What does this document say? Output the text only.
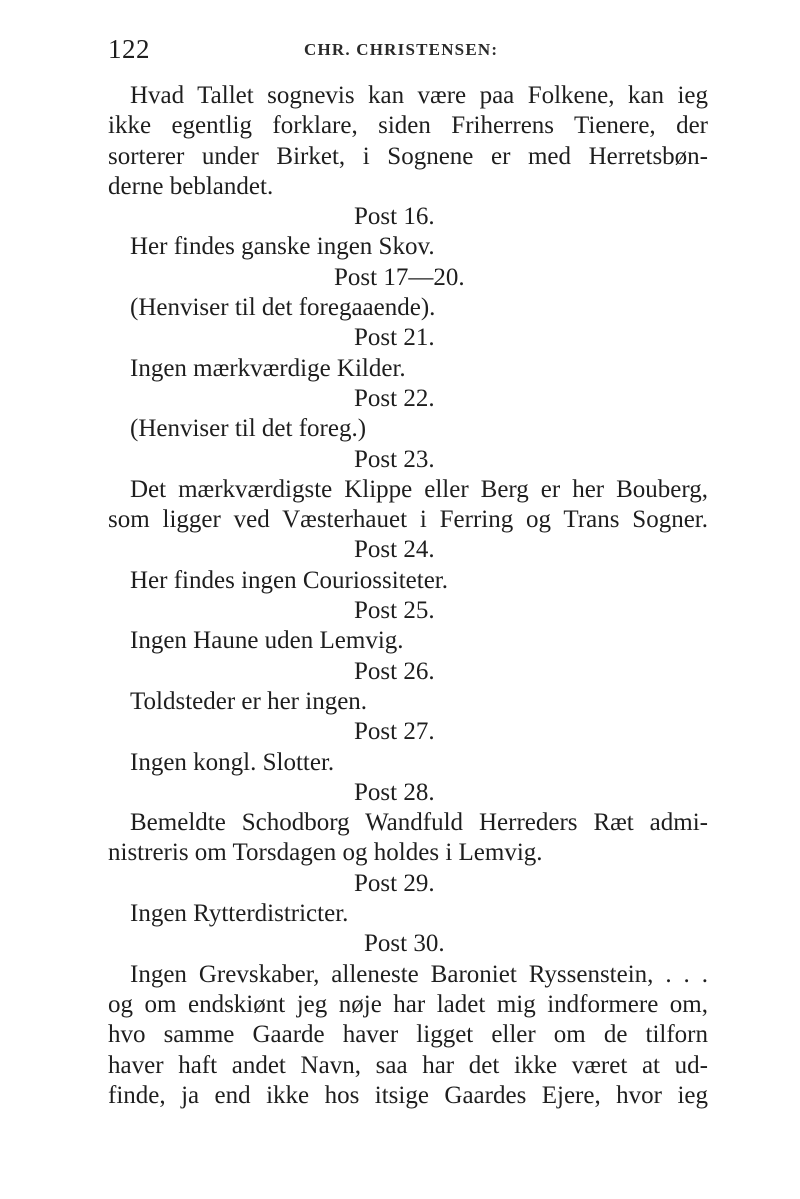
122	CHR. CHRISTENSEN:
Hvad Tallet sognevis kan være paa Folkene, kan ieg
ikke egentlig forklare, siden Friherrens Tienere, der
sorterer under Birket, i Sognene er med Herretsbøn-
derne beblandet.
Post 16.
Her findes ganske ingen Skov.
Post 17—20.
(Henviser til det foregaaende).
Post 21.
Ingen mærkværdige Kilder.
Post 22.
(Henviser til det foreg.)
Post 23.
Det mærkværdigste Klippe eller Berg er her Bouberg,
som ligger ved Væsterhauet i Ferring og Trans Sogner.
Post 24.
Her findes ingen Couriossiteter.
Post 25.
Ingen Haune uden Lemvig.
Post 26.
Toldsteder er her ingen.
Post 27.
Ingen kongl. Slotter.
Post 28.
Bemeldte Schodborg Wandfuld Herreders Ræt admi-
nistreris om Torsdagen og holdes i Lemvig.
Post 29.
Ingen Rytterdistricter.
Post 30.
Ingen Grevskaber, alleneste Baroniet Ryssenstein, . . .
og om endskiønt jeg nøje har ladet mig indformere om,
hvo samme Gaarde haver ligget eller om de tilforn
haver haft andet Navn, saa har det ikke været at ud-
finde, ja end ikke hos itsige Gaardes Ejere, hvor ieg
